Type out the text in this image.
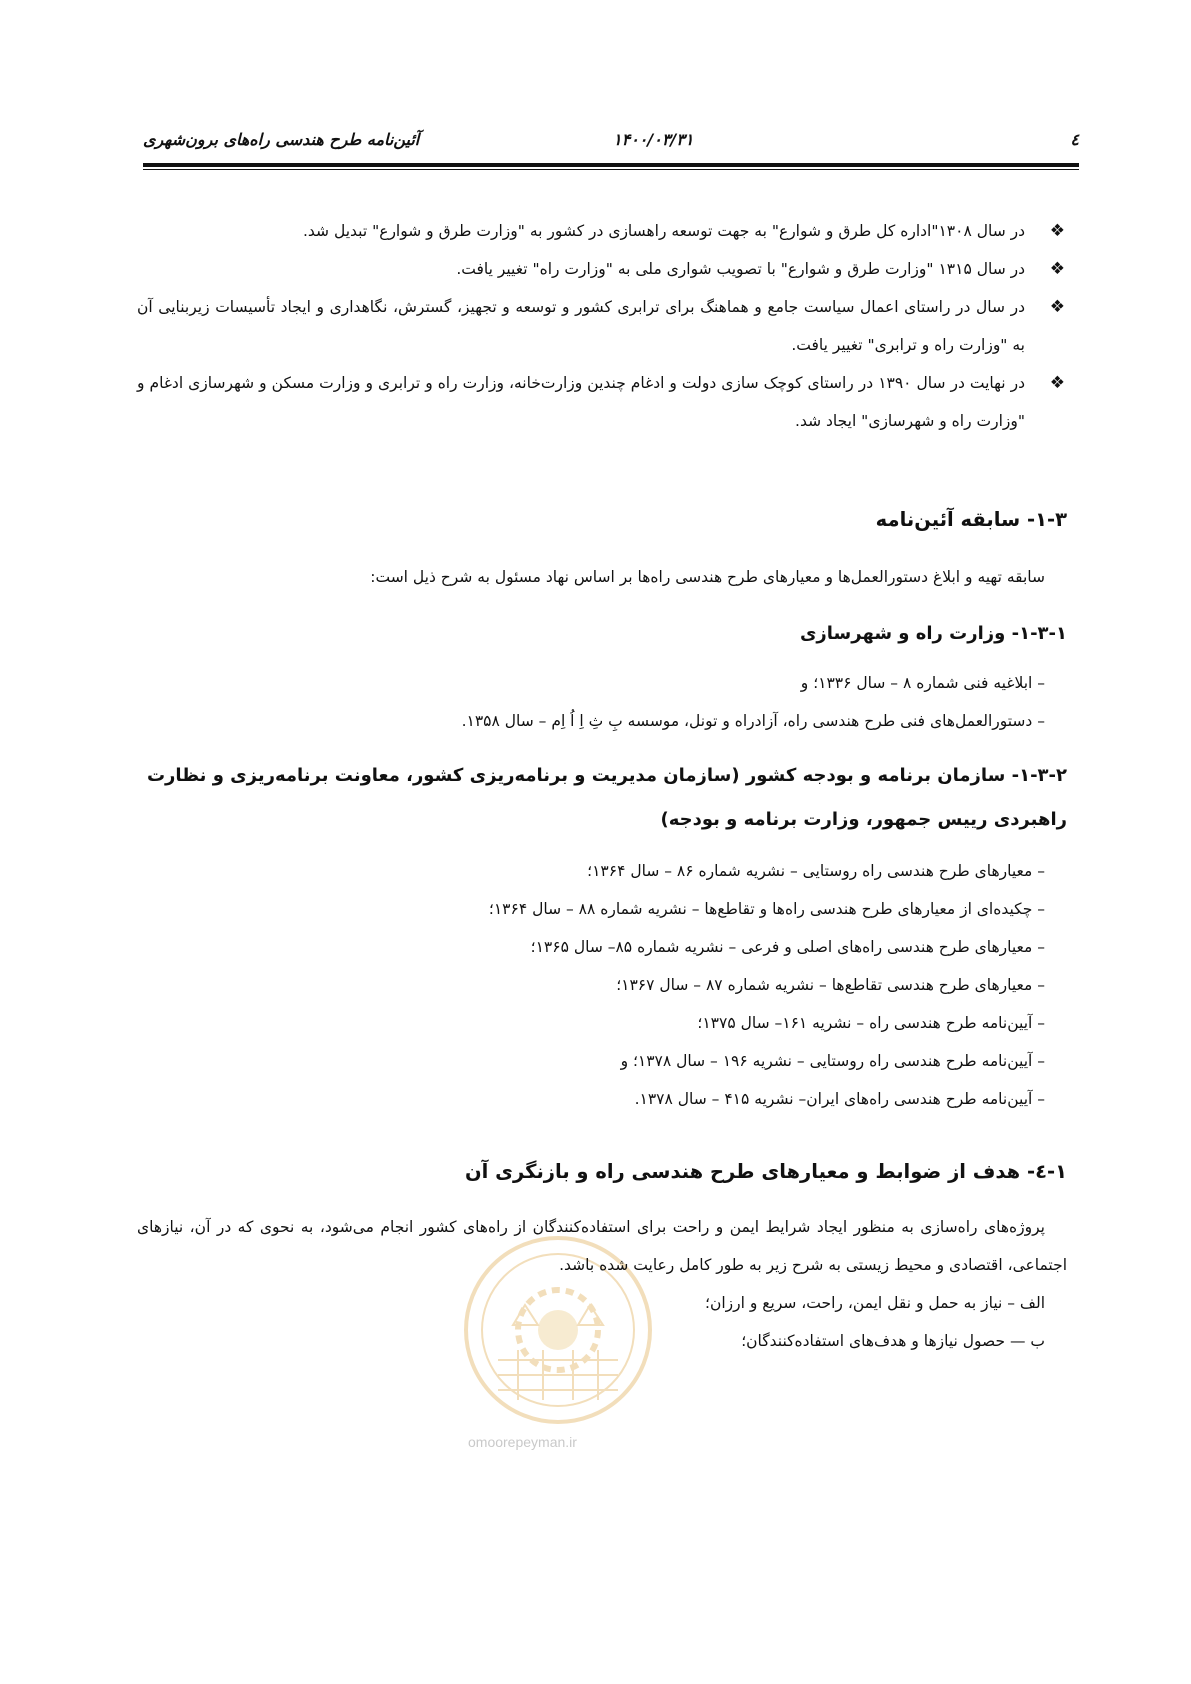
آئین‌نامه طرح هندسی راه‌های برون‌شهری	۱۴۰۰/۰۳/۳۱	٤
omoorepeyman.ir
❖
در سال ۱۳۰۸"اداره کل طرق و شوارع" به جهت توسعه راهسازی در کشور به "وزارت طرق و شوارع" تبدیل شد.
❖
در سال ۱۳۱۵ "وزارت طرق و شوارع" با تصویب شوارى ملى به "وزارت راه" تغییر یافت.
❖
در سال در راستای اعمال سیاست جامع و هماهنگ برای ترابری کشور و توسعه و تجهیز، گسترش، نگاهداری و ایجاد تأسیسات زیربنایی آن به "وزارت راه و ترابری" تغییر یافت.
❖
در نهایت در سال ۱۳۹۰ در راستای کوچک سازی دولت و ادغام چندین وزارت‌خانه، وزارت راه و ترابری و وزارت مسکن و شهرسازی ادغام و "وزارت راه و شهرسازی" ایجاد شد.
۱-۳- سابقه آئین‌نامه

سابقه تهیه و ابلاغ دستورالعمل‌ها و معیارهای طرح هندسی راه‌ها بر اساس نهاد مسئول به شرح ذیل است:

۱-۳-۱- وزارت راه و شهرسازی
– ابلاغیه فنی شماره ۸ – سال ۱۳۳۶؛ و
– دستورالعمل‌های فنی طرح هندسی راه، آزادراه و تونل، موسسه بِ ثِ اِ اُ اِم – سال ۱۳۵۸.
۱-۳-۲- سازمان برنامه و بودجه کشور (سازمان مدیریت و برنامه‌ریزی کشور، معاونت برنامه‌ریزی و نظارت راهبردی رییس جمهور، وزارت برنامه و بودجه)
– معیارهای طرح هندسی راه روستایی – نشریه شماره ۸۶ – سال ۱۳۶۴؛
– چکیده‌ای از معیارهای طرح هندسی راه‌ها و تقاطع‌ها – نشریه شماره ۸۸ – سال ۱۳۶۴؛
– معیارهای طرح هندسی راه‌های اصلی و فرعی – نشریه شماره ۸۵– سال ۱۳۶۵؛
– معیارهای طرح هندسی تقاطع‌ها – نشریه شماره ۸۷ – سال ۱۳۶۷؛
– آیین‌نامه طرح هندسی راه – نشریه ۱۶۱– سال ۱۳۷۵؛
– آیین‌نامه طرح هندسی راه روستایی – نشریه ۱۹۶ – سال ۱۳۷۸؛ و
– آیین‌نامه طرح هندسی راه‌های ایران– نشریه ۴۱۵ – سال ۱۳۷۸.
۱-٤- هدف از ضوابط و معیارهای طرح هندسی راه و بازنگری آن

پروژه‌های راه‌سازی به منظور ایجاد شرایط ایمن و راحت برای استفاده‌کنندگان از راه‌های کشور انجام می‌شود، به نحوی که در آن، نیازهای اجتماعی، اقتصادی و محیط زیستی به شرح زیر به طور کامل رعایت شده باشد.

الف – نیاز به حمل و نقل ایمن، راحت، سریع و ارزان؛
ب — حصول نیازها و هدف‌های استفاده‌کنندگان؛
